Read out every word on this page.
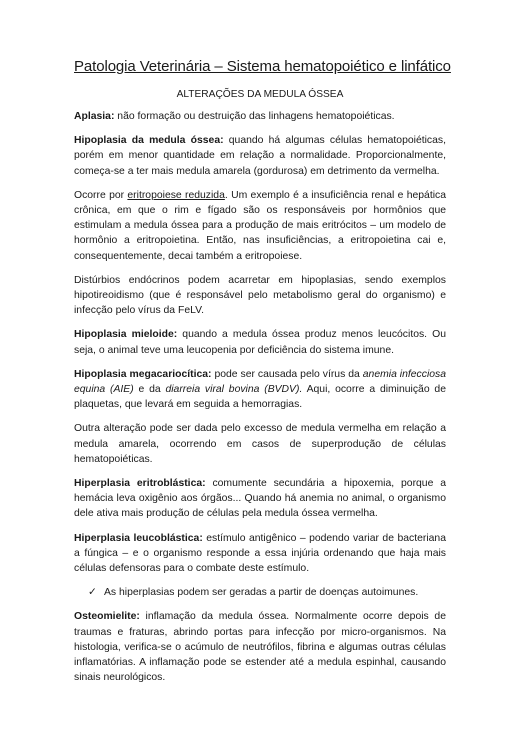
Patologia Veterinária – Sistema hematopoiético e linfático
ALTERAÇÕES DA MEDULA ÓSSEA

Aplasia: não formação ou destruição das linhagens hematopoiéticas.

Hipoplasia da medula óssea: quando há algumas células hematopoiéticas, porém em menor quantidade em relação a normalidade. Proporcionalmente, começa-se a ter mais medula amarela (gordurosa) em detrimento da vermelha.

Ocorre por eritropoiese reduzida. Um exemplo é a insuficiência renal e hepática crônica, em que o rim e fígado são os responsáveis por hormônios que estimulam a medula óssea para a produção de mais eritrócitos – um modelo de hormônio a eritropoietina. Então, nas insuficiências, a eritropoietina cai e, consequentemente, decai também a eritropoiese.

Distúrbios endócrinos podem acarretar em hipoplasias, sendo exemplos hipotireoidismo (que é responsável pelo metabolismo geral do organismo) e infecção pelo vírus da FeLV.

Hipoplasia mieloide: quando a medula óssea produz menos leucócitos. Ou seja, o animal teve uma leucopenia por deficiência do sistema imune.

Hipoplasia megacariocítica: pode ser causada pelo vírus da anemia infecciosa equina (AIE) e da diarreia viral bovina (BVDV). Aqui, ocorre a diminuição de plaquetas, que levará em seguida a hemorragias.

Outra alteração pode ser dada pelo excesso de medula vermelha em relação a medula amarela, ocorrendo em casos de superprodução de células hematopoiéticas.

Hiperplasia eritroblástica: comumente secundária a hipoxemia, porque a hemácia leva oxigênio aos órgãos... Quando há anemia no animal, o organismo dele ativa mais produção de células pela medula óssea vermelha.

Hiperplasia leucoblástica: estímulo antigênico – podendo variar de bacteriana a fúngica – e o organismo responde a essa injúria ordenando que haja mais células defensoras para o combate deste estímulo.

✓ As hiperplasias podem ser geradas a partir de doenças autoimunes.

Osteomielite: inflamação da medula óssea. Normalmente ocorre depois de traumas e fraturas, abrindo portas para infecção por micro-organismos. Na histologia, verifica-se o acúmulo de neutrófilos, fibrina e algumas outras células inflamatórias. A inflamação pode se estender até a medula espinhal, causando sinais neurológicos.
